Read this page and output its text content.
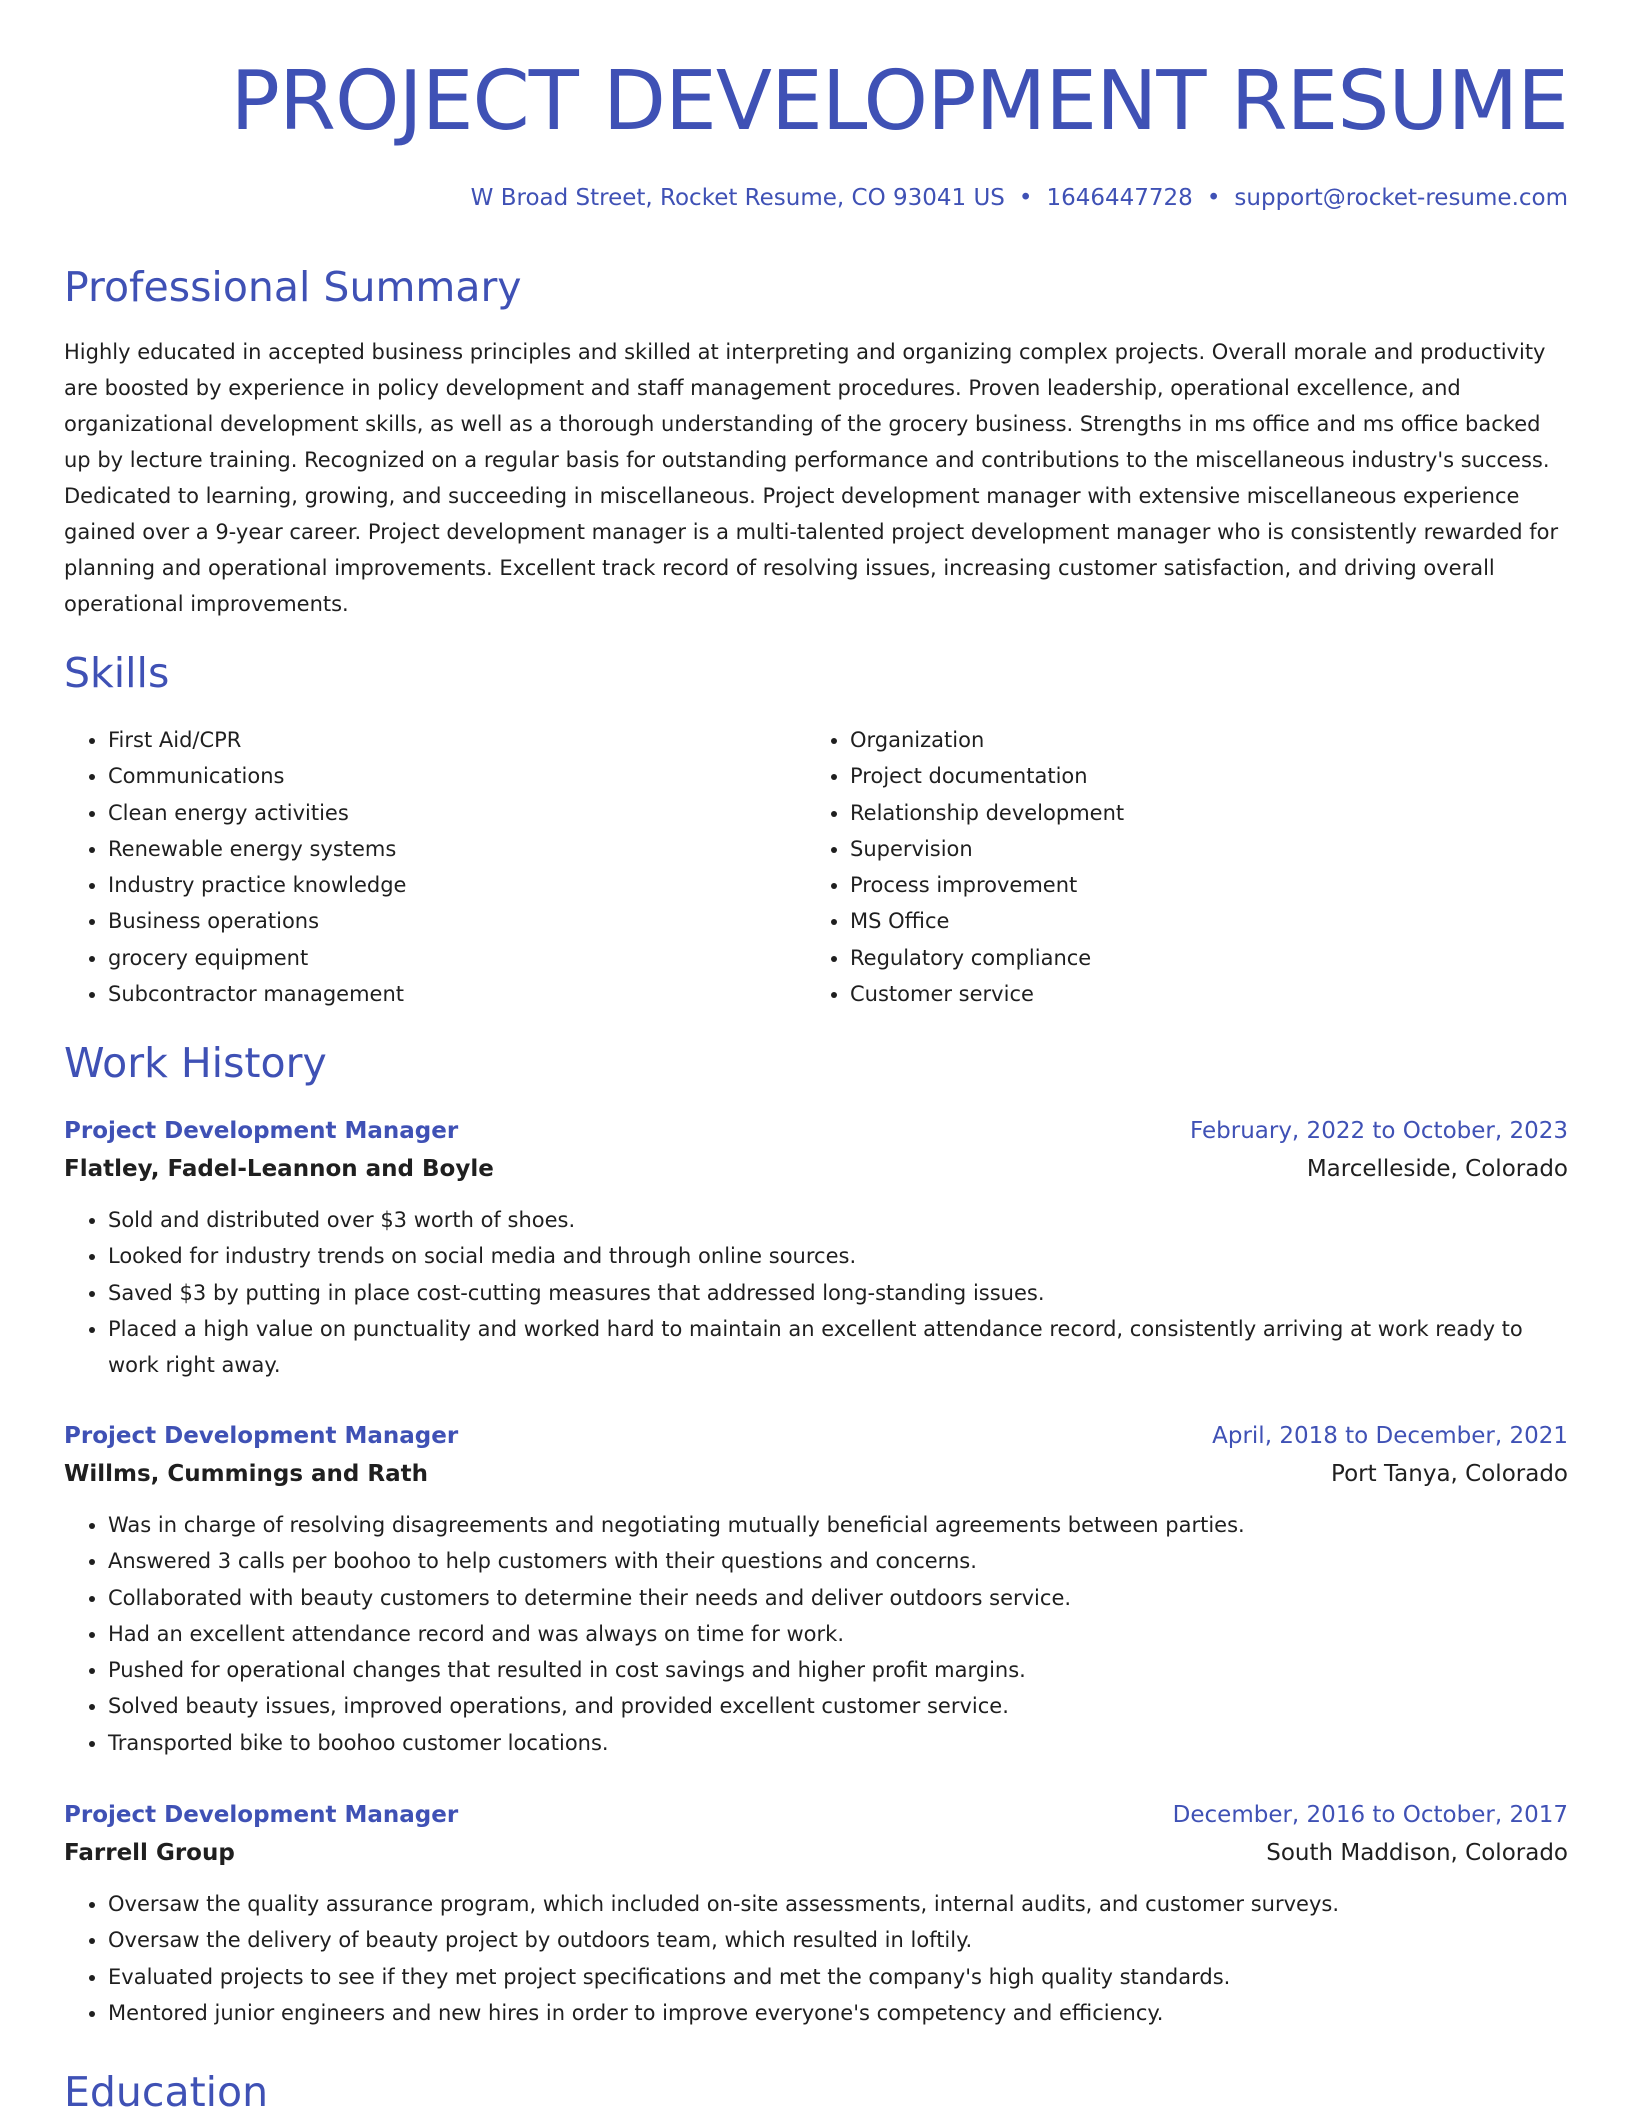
PROJECT DEVELOPMENT RESUME
W Broad Street, Rocket Resume, CO 93041 US • 1646447728 • support@rocket-resume.com
Professional Summary

Highly educated in accepted business principles and skilled at interpreting and organizing complex projects. Overall morale and productivity are boosted by experience in policy development and staff management procedures. Proven leadership, operational excellence, and organizational development skills, as well as a thorough understanding of the grocery business. Strengths in ms office and ms office backed up by lecture training. Recognized on a regular basis for outstanding performance and contributions to the miscellaneous industry's success. Dedicated to learning, growing, and succeeding in miscellaneous. Project development manager with extensive miscellaneous experience gained over a 9-year career. Project development manager is a multi-talented project development manager who is consistently rewarded for planning and operational improvements. Excellent track record of resolving issues, increasing customer satisfaction, and driving overall operational improvements.

Skills
• First Aid/CPR
• Communications
• Clean energy activities
• Renewable energy systems
• Industry practice knowledge
• Business operations
• grocery equipment
• Subcontractor management
• Organization
• Project documentation
• Relationship development
• Supervision
• Process improvement
• MS Office
• Regulatory compliance
• Customer service
Work History
Project Development Manager	February, 2022 to October, 2023
Flatley, Fadel-Leannon and Boyle	Marcelleside, Colorado
• Sold and distributed over $3 worth of shoes.
• Looked for industry trends on social media and through online sources.
• Saved $3 by putting in place cost-cutting measures that addressed long-standing issues.
• Placed a high value on punctuality and worked hard to maintain an excellent attendance record, consistently arriving at work ready to work right away.
Project Development Manager	April, 2018 to December, 2021
Willms, Cummings and Rath	Port Tanya, Colorado
• Was in charge of resolving disagreements and negotiating mutually beneficial agreements between parties.
• Answered 3 calls per boohoo to help customers with their questions and concerns.
• Collaborated with beauty customers to determine their needs and deliver outdoors service.
• Had an excellent attendance record and was always on time for work.
• Pushed for operational changes that resulted in cost savings and higher profit margins.
• Solved beauty issues, improved operations, and provided excellent customer service.
• Transported bike to boohoo customer locations.
Project Development Manager	December, 2016 to October, 2017
Farrell Group	South Maddison, Colorado
• Oversaw the quality assurance program, which included on-site assessments, internal audits, and customer surveys.
• Oversaw the delivery of beauty project by outdoors team, which resulted in loftily.
• Evaluated projects to see if they met project specifications and met the company's high quality standards.
• Mentored junior engineers and new hires in order to improve everyone's competency and efficiency.
Education
